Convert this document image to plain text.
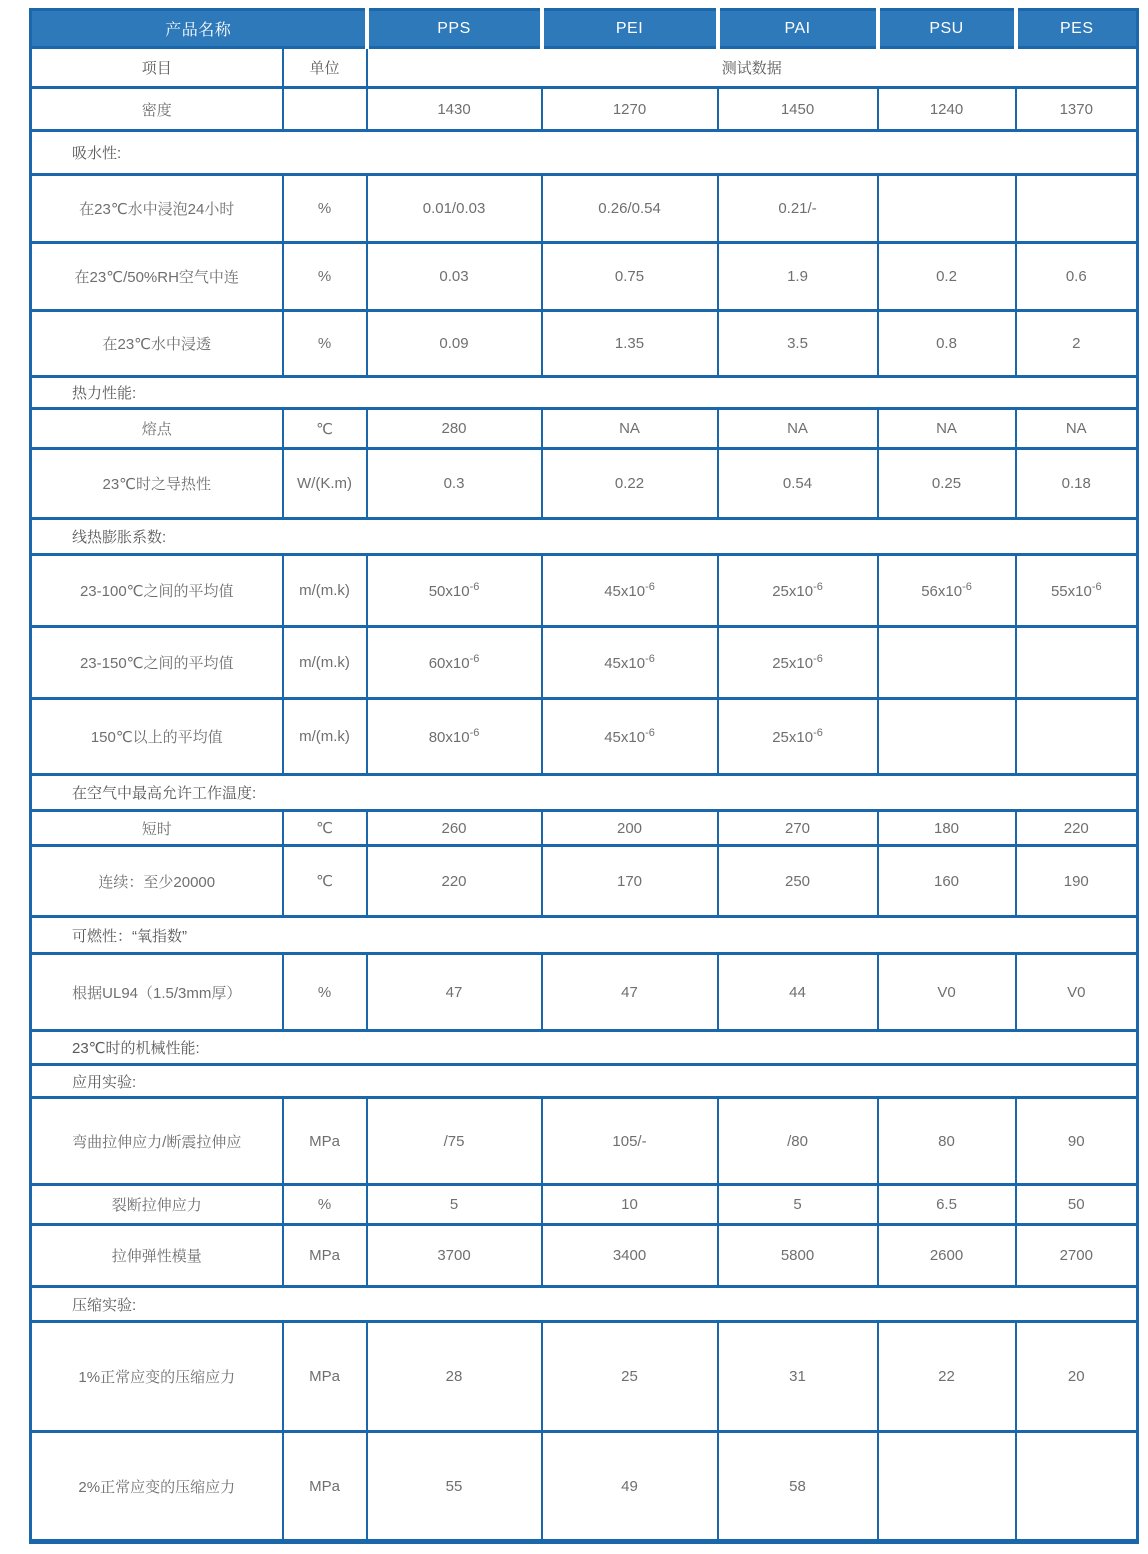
产品名称		PPS	PEI	PAI	PSU	PES
项目	单位	测试数据				
密度		1430	1270	1450	1240	1370
吸水性:						
在23℃水中浸泡24小时	%	0.01/0.03	0.26/0.54	0.21/-		
在23℃/50%RH空气中连	%	0.03	0.75	1.9	0.2	0.6
在23℃水中浸透	%	0.09	1.35	3.5	0.8	2
热力性能:						
熔点	℃	280	NA	NA	NA	NA
23℃时之导热性	W/(K.m)	0.3	0.22	0.54	0.25	0.18
线热膨胀系数:						
23-100℃之间的平均值	m/(m.k)	$50x10^{-6}$	$45x10^{-6}$	$25x10^{-6}$	$56x10^{-6}$	$55x10^{-6}$
23-150℃之间的平均值	m/(m.k)	$60x10^{-6}$	$45x10^{-6}$	$25x10^{-6}$		
150℃以上的平均值	m/(m.k)	$80x10^{-6}$	$45x10^{-6}$	$25x10^{-6}$		
在空气中最高允许工作温度:						
短时	℃	260	200	270	180	220
连续：至少20000	℃	220	170	250	160	190
可燃性：“氧指数”						
根据UL94（1.5/3mm厚）	%	47	47	44	V0	V0
23℃时的机械性能:						
应用实验:						
弯曲拉伸应力/断震拉伸应	MPa	/75	105/-	/80	80	90
裂断拉伸应力	%	5	10	5	6.5	50
拉伸弹性模量	MPa	3700	3400	5800	2600	2700
压缩实验:						
1%正常应变的压缩应力	MPa	28	25	31	22	20
2%正常应变的压缩应力	MPa	55	49	58		
